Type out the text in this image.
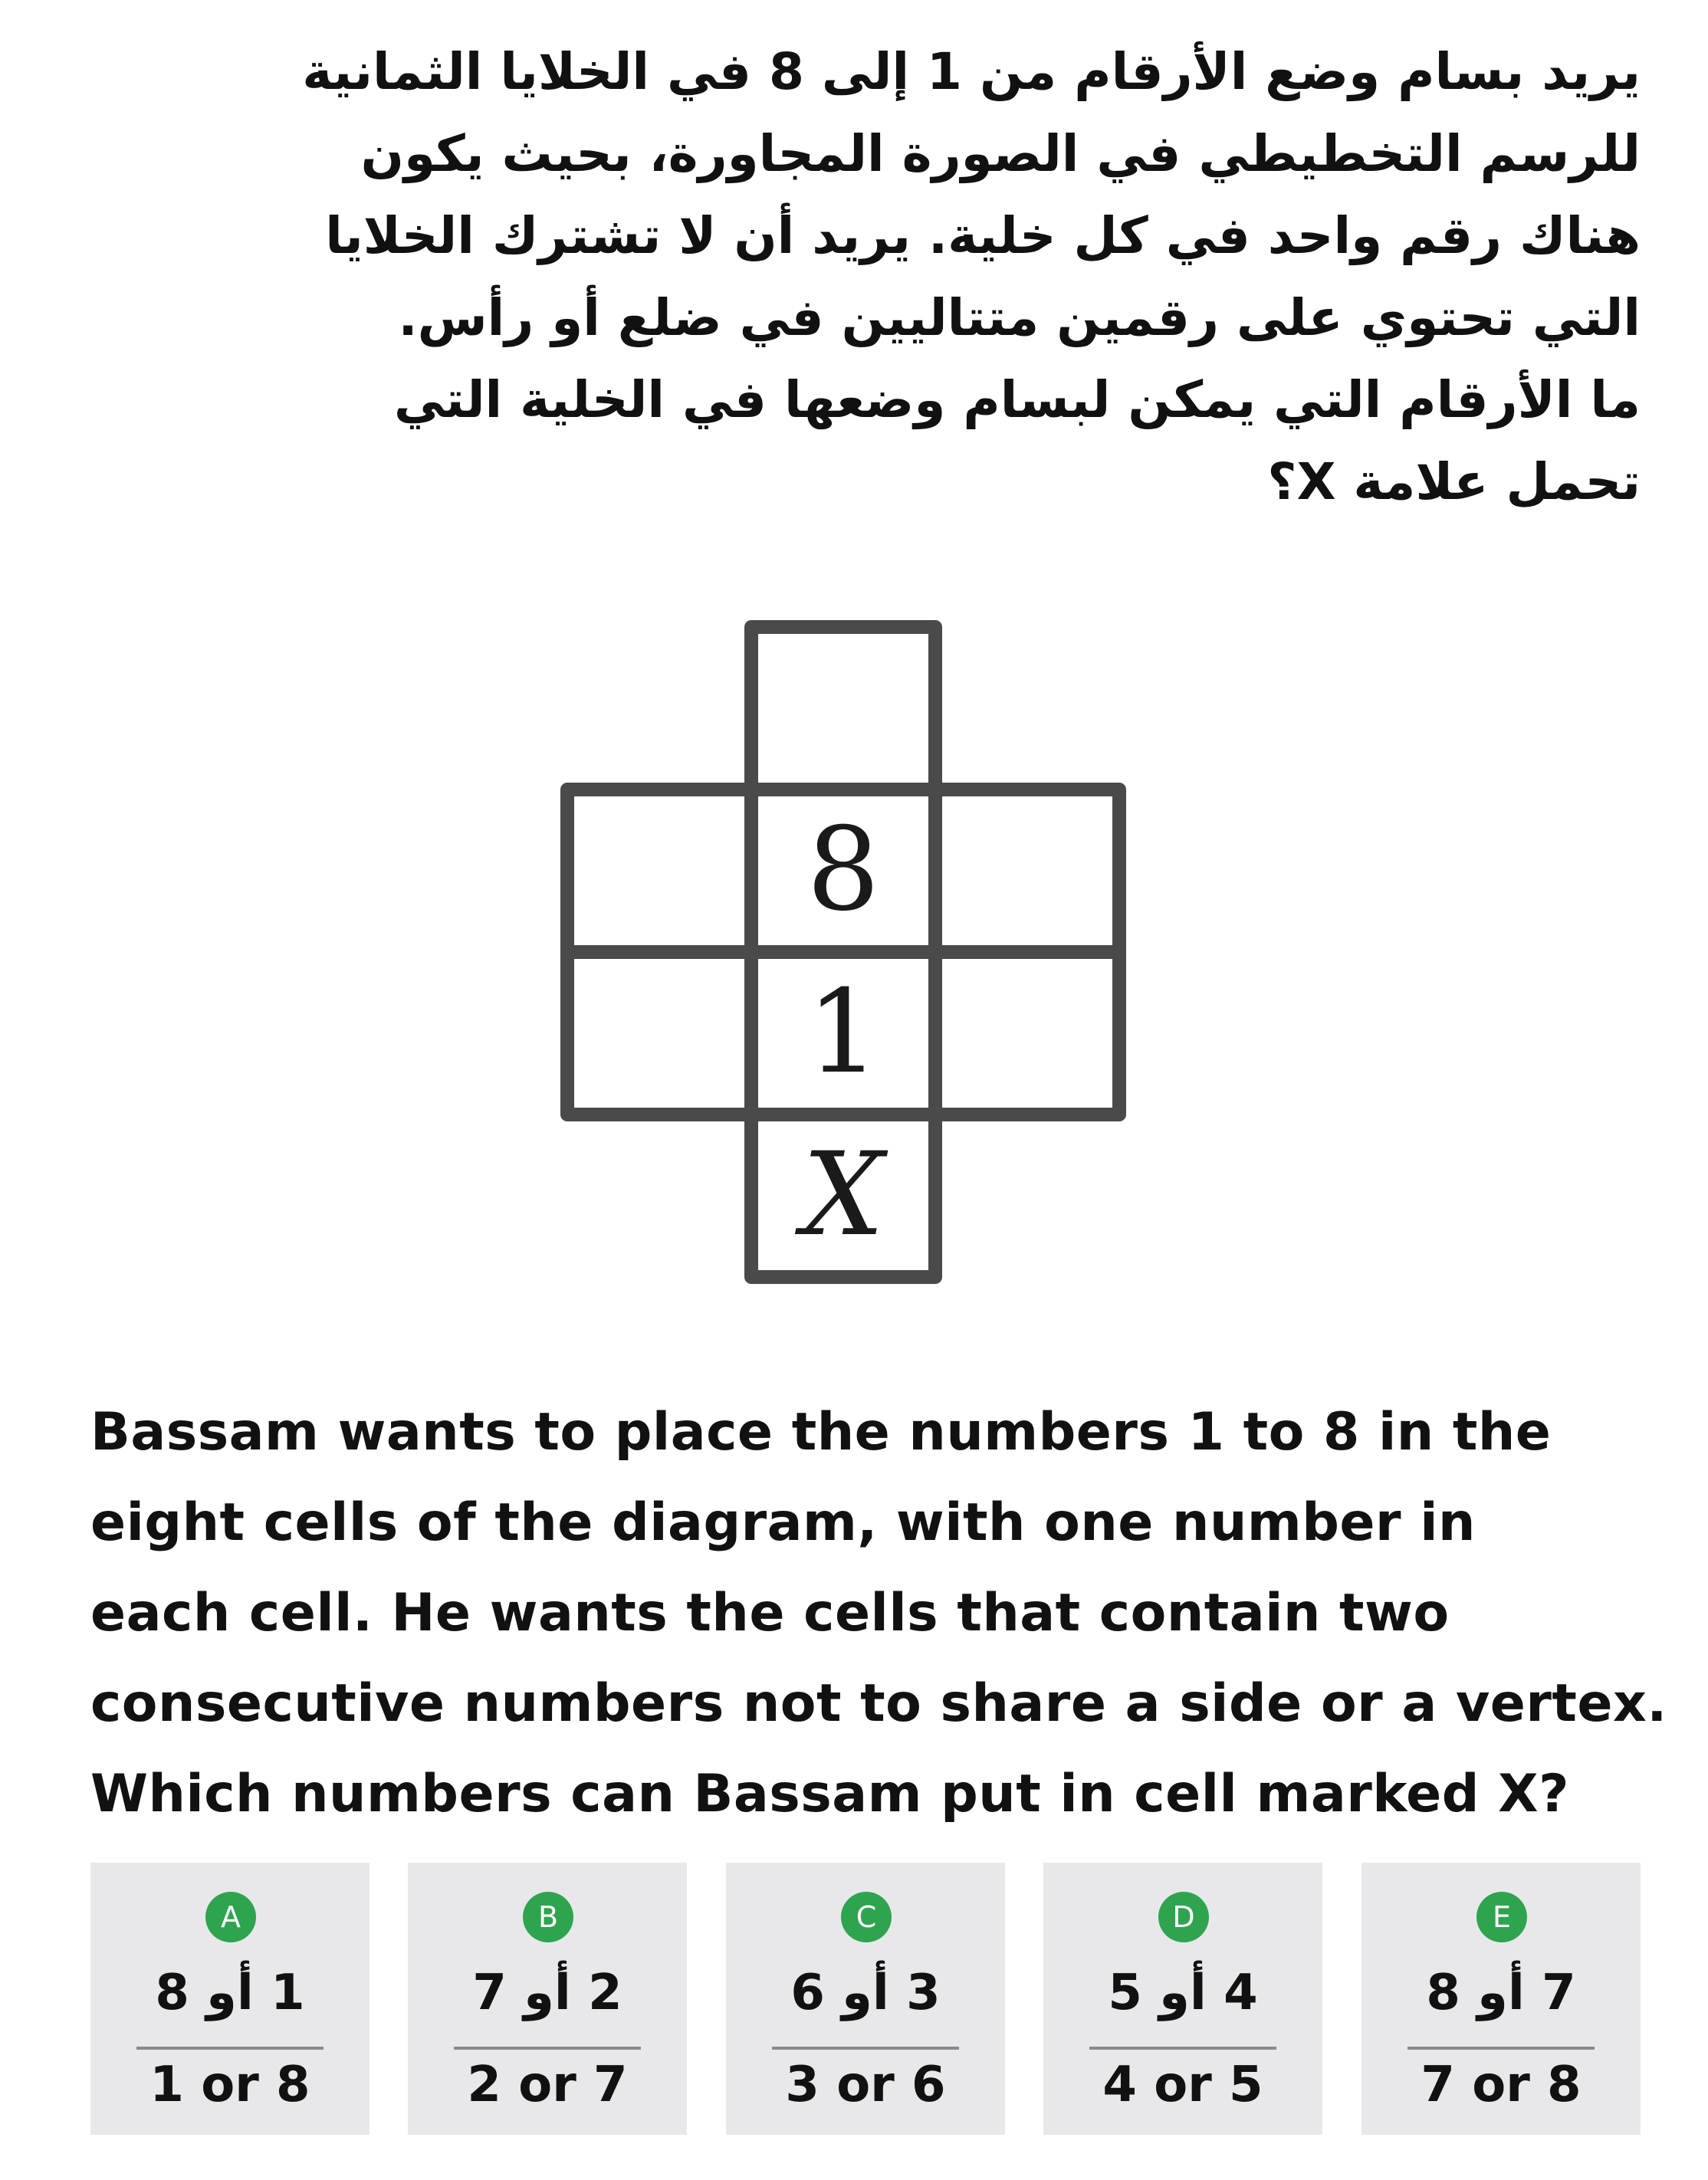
يريد بسام وضع الأرقام من 1 إلى 8 في الخلايا الثمانية
للرسم التخطيطي في الصورة المجاورة، بحيث يكون
هناك رقم واحد في كل خلية. يريد أن لا تشترك الخلايا
التي تحتوي على رقمين متتاليين في ضلع أو رأس.
ما الأرقام التي يمكن لبسام وضعها في الخلية التي
تحمل علامة X؟
8
1
X
Bassam wants to place the numbers 1 to 8 in the
eight cells of the diagram, with one number in
each cell. He wants the cells that contain two
consecutive numbers not to share a side or a vertex.
Which numbers can Bassam put in cell marked X?
A
1 أو 8
1 or 8
B
2 أو 7
2 or 7
C
3 أو 6
3 or 6
D
4 أو 5
4 or 5
E
7 أو 8
7 or 8
